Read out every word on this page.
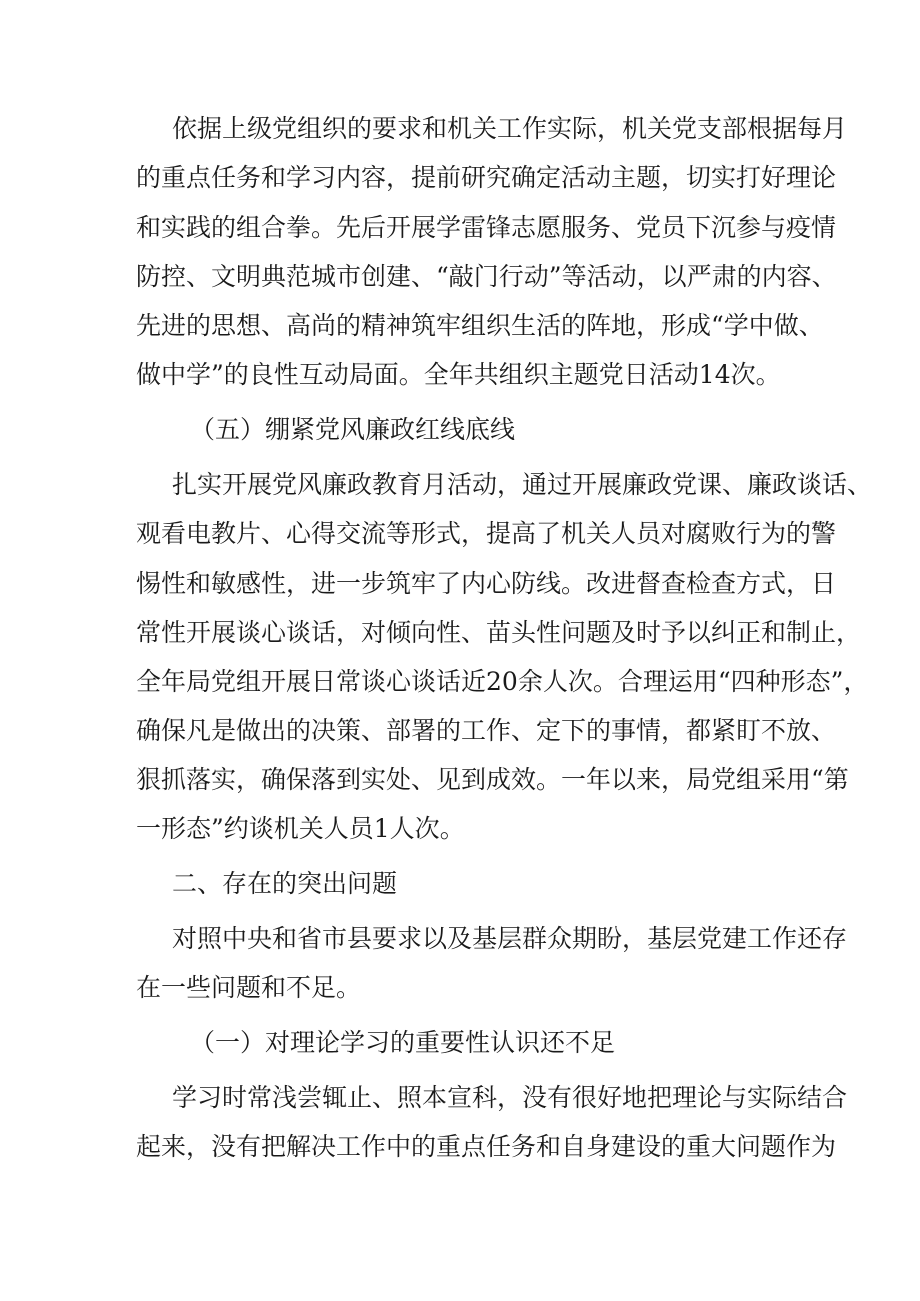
依据上级党组织的要求和机关工作实际，机关党支部根据每月
的重点任务和学习内容，提前研究确定活动主题，切实打好理论
和实践的组合拳。先后开展学雷锋志愿服务、党员下沉参与疫情
防控、文明典范城市创建、“敲门行动”等活动，以严肃的内容、
先进的思想、高尚的精神筑牢组织生活的阵地，形成“学中做、
做中学”的良性互动局面。全年共组织主题党日活动14次。
（五）绷紧党风廉政红线底线
扎实开展党风廉政教育月活动，通过开展廉政党课、廉政谈话、
观看电教片、心得交流等形式，提高了机关人员对腐败行为的警
惕性和敏感性，进一步筑牢了内心防线。改进督查检查方式，日
常性开展谈心谈话，对倾向性、苗头性问题及时予以纠正和制止，
全年局党组开展日常谈心谈话近20余人次。合理运用“四种形态”，
确保凡是做出的决策、部署的工作、定下的事情，都紧盯不放、
狠抓落实，确保落到实处、见到成效。一年以来，局党组采用“第
一形态”约谈机关人员1人次。
二、存在的突出问题
对照中央和省市县要求以及基层群众期盼，基层党建工作还存
在一些问题和不足。
（一）对理论学习的重要性认识还不足
学习时常浅尝辄止、照本宣科，没有很好地把理论与实际结合
起来，没有把解决工作中的重点任务和自身建设的重大问题作为
